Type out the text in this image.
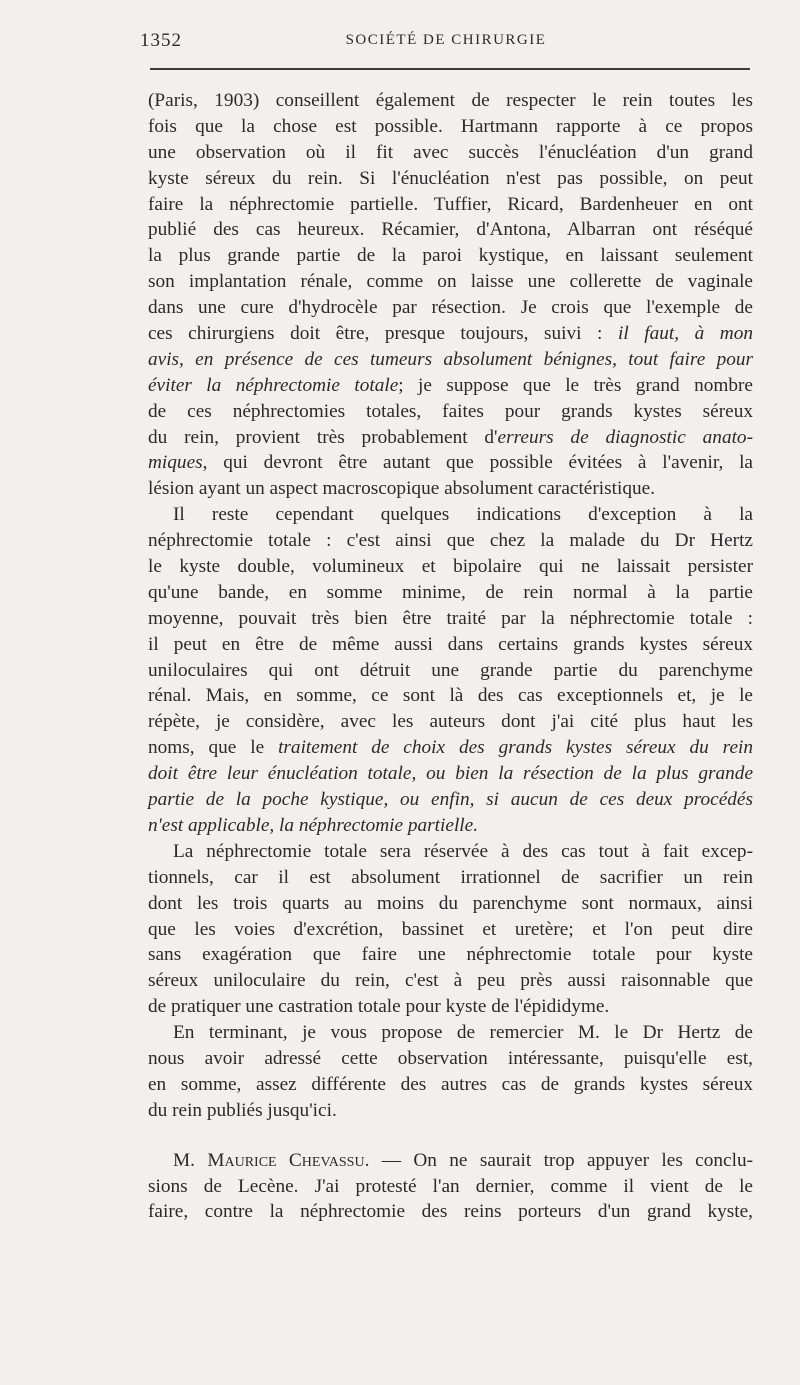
1352	SOCIÉTÉ DE CHIRURGIE
(Paris, 1903) conseillent également de respecter le rein toutes les
fois que la chose est possible. Hartmann rapporte à ce propos
une observation où il fit avec succès l'énucléation d'un grand
kyste séreux du rein. Si l'énucléation n'est pas possible, on peut
faire la néphrectomie partielle. Tuffier, Ricard, Bardenheuer en ont
publié des cas heureux. Récamier, d'Antona, Albarran ont réséqué
la plus grande partie de la paroi kystique, en laissant seulement
son implantation rénale, comme on laisse une collerette de vaginale
dans une cure d'hydrocèle par résection. Je crois que l'exemple de
ces chirurgiens doit être, presque toujours, suivi : il faut, à mon
avis, en présence de ces tumeurs absolument bénignes, tout faire pour
éviter la néphrectomie totale; je suppose que le très grand nombre
de ces néphrectomies totales, faites pour grands kystes séreux
du rein, provient très probablement d'erreurs de diagnostic anato-
miques, qui devront être autant que possible évitées à l'avenir, la
lésion ayant un aspect macroscopique absolument caractéristique.
Il reste cependant quelques indications d'exception à la
néphrectomie totale : c'est ainsi que chez la malade du Dr Hertz
le kyste double, volumineux et bipolaire qui ne laissait persister
qu'une bande, en somme minime, de rein normal à la partie
moyenne, pouvait très bien être traité par la néphrectomie totale :
il peut en être de même aussi dans certains grands kystes séreux
uniloculaires qui ont détruit une grande partie du parenchyme
rénal. Mais, en somme, ce sont là des cas exceptionnels et, je le
répète, je considère, avec les auteurs dont j'ai cité plus haut les
noms, que le traitement de choix des grands kystes séreux du rein
doit être leur énucléation totale, ou bien la résection de la plus grande
partie de la poche kystique, ou enfin, si aucun de ces deux procédés
n'est applicable, la néphrectomie partielle.
La néphrectomie totale sera réservée à des cas tout à fait excep-
tionnels, car il est absolument irrationnel de sacrifier un rein
dont les trois quarts au moins du parenchyme sont normaux, ainsi
que les voies d'excrétion, bassinet et uretère; et l'on peut dire
sans exagération que faire une néphrectomie totale pour kyste
séreux uniloculaire du rein, c'est à peu près aussi raisonnable que
de pratiquer une castration totale pour kyste de l'épididyme.
En terminant, je vous propose de remercier M. le Dr Hertz de
nous avoir adressé cette observation intéressante, puisqu'elle est,
en somme, assez différente des autres cas de grands kystes séreux
du rein publiés jusqu'ici.
M. Maurice Chevassu. — On ne saurait trop appuyer les conclu-
sions de Lecène. J'ai protesté l'an dernier, comme il vient de le
faire, contre la néphrectomie des reins porteurs d'un grand kyste,
